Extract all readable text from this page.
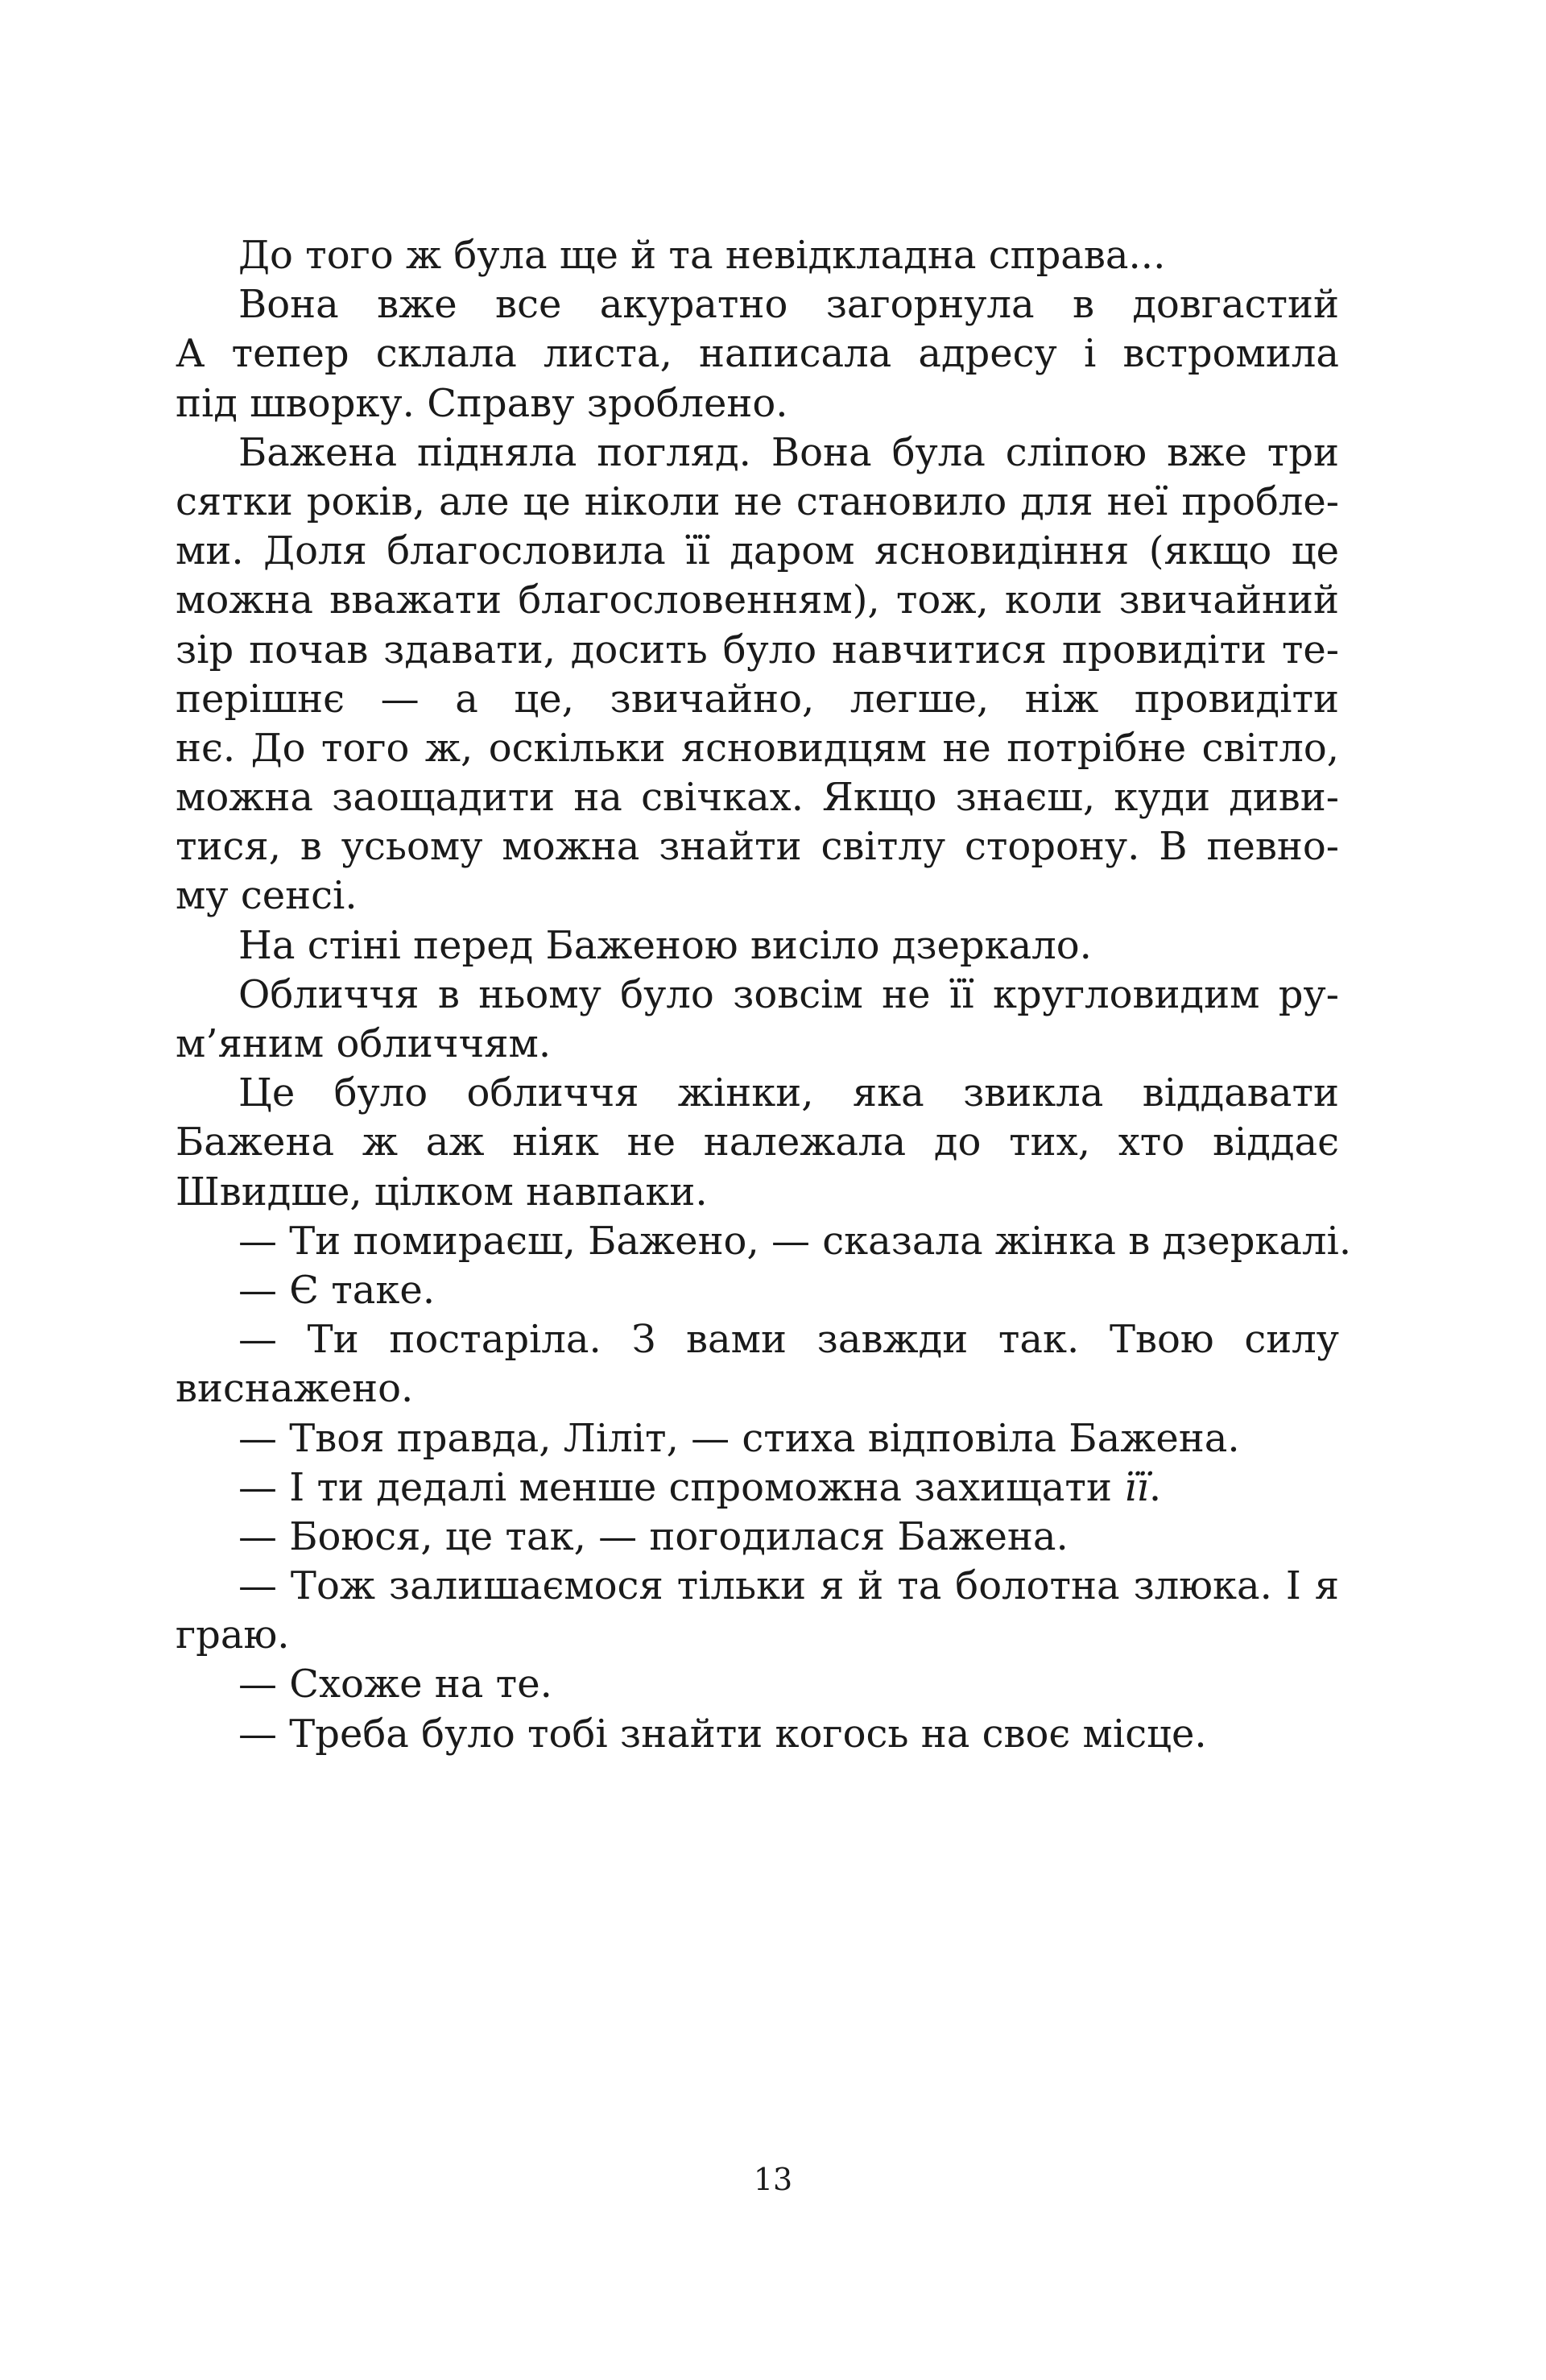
До того ж була ще й та невідкладна справа...
Вона вже все акуратно загорнула в довгастий
А тепер склала листа, написала адресу і встромила
під шворку. Справу зроблено.
Бажена підняла погляд. Вона була сліпою вже три
сятки років, але це ніколи не становило для неї пробле-
ми. Доля благословила її даром ясновидіння (якщо це
можна вважати благословенням), тож, коли звичайний
зір почав здавати, досить було навчитися провидіти те-
перішнє — а це, звичайно, легше, ніж провидіти
нє. До того ж, оскільки ясновидцям не потрібне світло,
можна заощадити на свічках. Якщо знаєш, куди диви-
тися, в усьому можна знайти світлу сторону. В певно-
му сенсі.
На стіні перед Баженою висіло дзеркало.
Обличчя в ньому було зовсім не її кругловидим ру-
м’яним обличчям.
Це було обличчя жінки, яка звикла віддавати
Бажена ж аж ніяк не належала до тих, хто віддає
Швидше, цілком навпаки.
— Ти помираєш, Бажено, — сказала жінка в дзеркалі.
— Є таке.
— Ти постаріла. З вами завжди так. Твою силу
виснажено.
— Твоя правда, Ліліт, — стиха відповіла Бажена.
— І ти дедалі менше спроможна захищати її.
— Боюся, це так, — погодилася Бажена.
— Тож залишаємося тільки я й та болотна злюка. І я
граю.
— Схоже на те.
— Треба було тобі знайти когось на своє місце.
13
